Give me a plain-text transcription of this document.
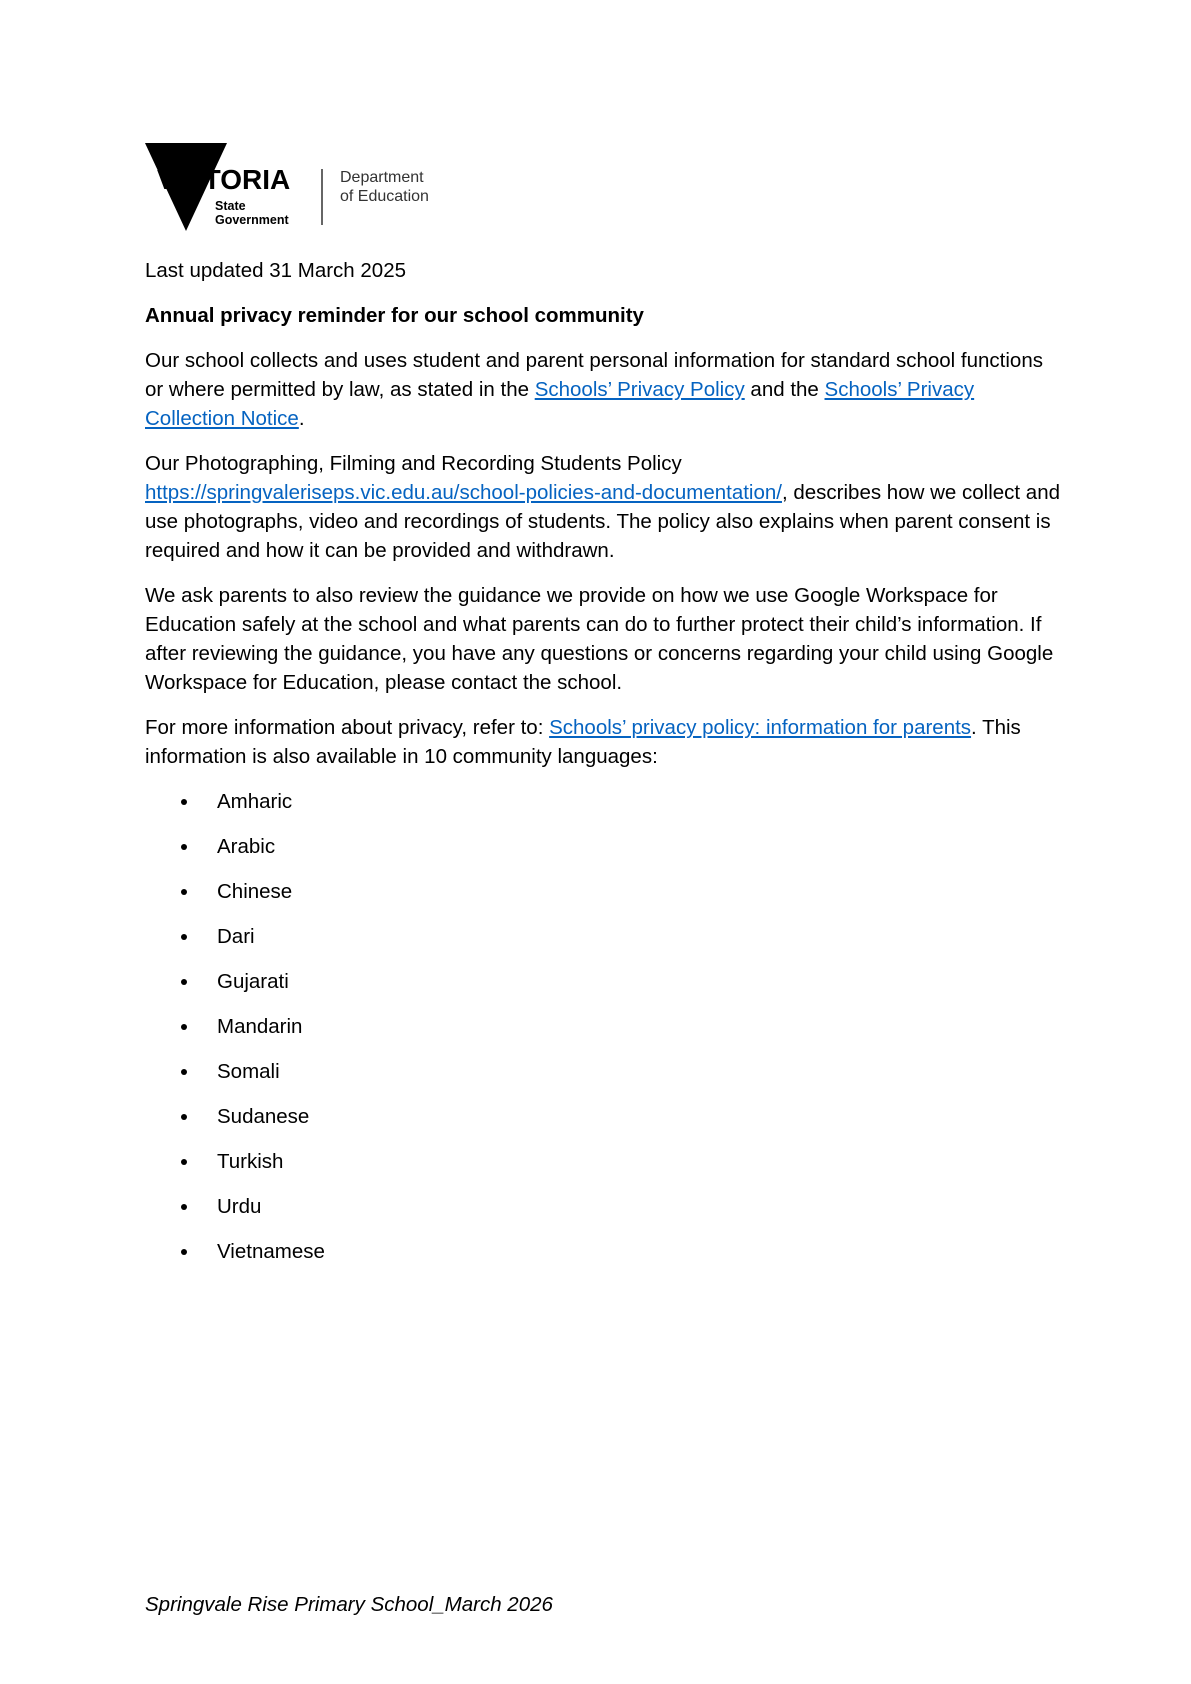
VICTORIA
State
Government
Department
of Education

Last updated 31 March 2025

Annual privacy reminder for our school community

Our school collects and uses student and parent personal information for standard school functions or where permitted by law, as stated in the Schools’ Privacy Policy and the Schools’ Privacy Collection Notice.

Our Photographing, Filming and Recording Students Policy
https://springvaleriseps.vic.edu.au/school-policies-and-documentation/, describes how we collect and use photographs, video and recordings of students. The policy also explains when parent consent is required and how it can be provided and withdrawn.

We ask parents to also review the guidance we provide on how we use Google Workspace for Education safely at the school and what parents can do to further protect their child’s information. If after reviewing the guidance, you have any questions or concerns regarding your child using Google Workspace for Education, please contact the school.

For more information about privacy, refer to: Schools’ privacy policy: information for parents. This information is also available in 10 community languages:

Amharic
Arabic
Chinese
Dari
Gujarati
Mandarin
Somali
Sudanese
Turkish
Urdu
Vietnamese
Springvale Rise Primary School_March 2026
